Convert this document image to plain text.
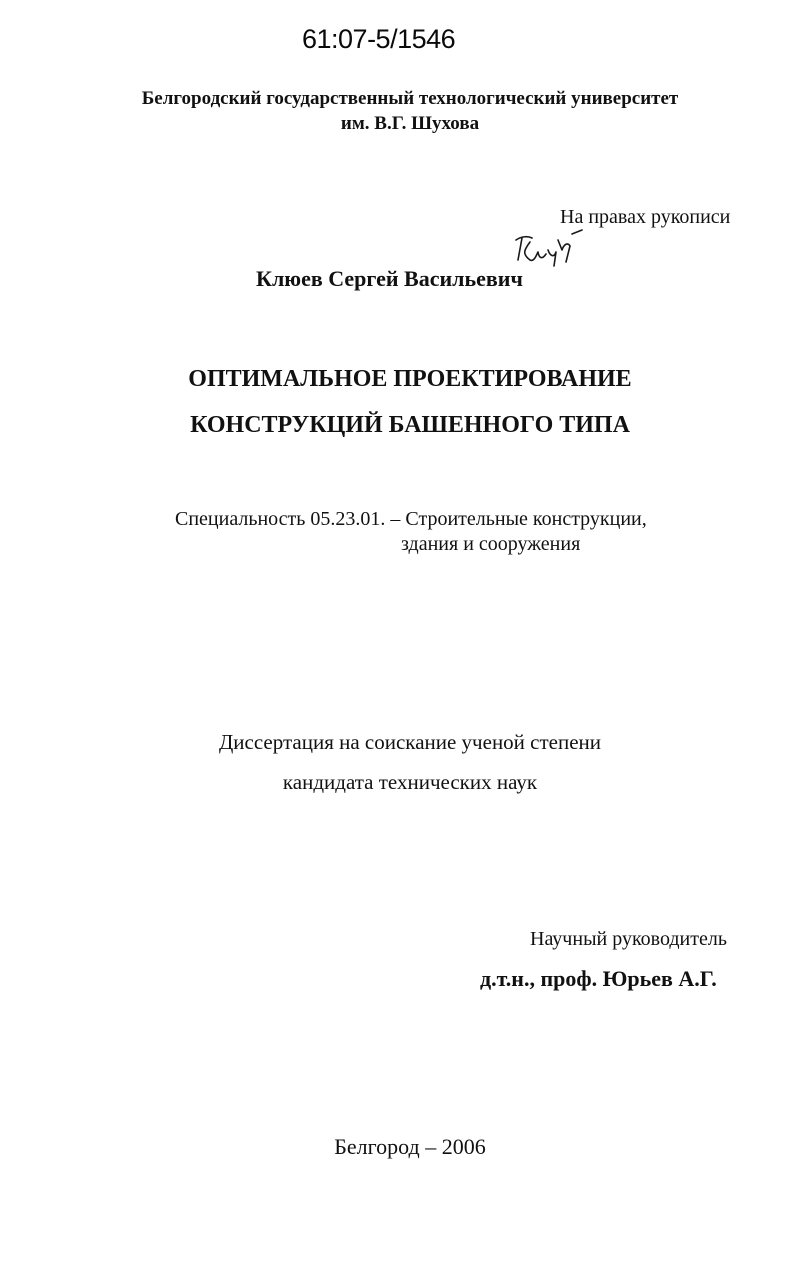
61:07-5/1546
Белгородский государственный технологический университет
им. В.Г. Шухова
На правах рукописи
Клюев Сергей Васильевич
ОПТИМАЛЬНОЕ ПРОЕКТИРОВАНИЕ
КОНСТРУКЦИЙ БАШЕННОГО ТИПА
Специальность 05.23.01. – Строительные конструкции,
здания и сооружения
Диссертация на соискание ученой степени
кандидата технических наук
Научный руководитель
д.т.н., проф. Юрьев А.Г.
Белгород – 2006
